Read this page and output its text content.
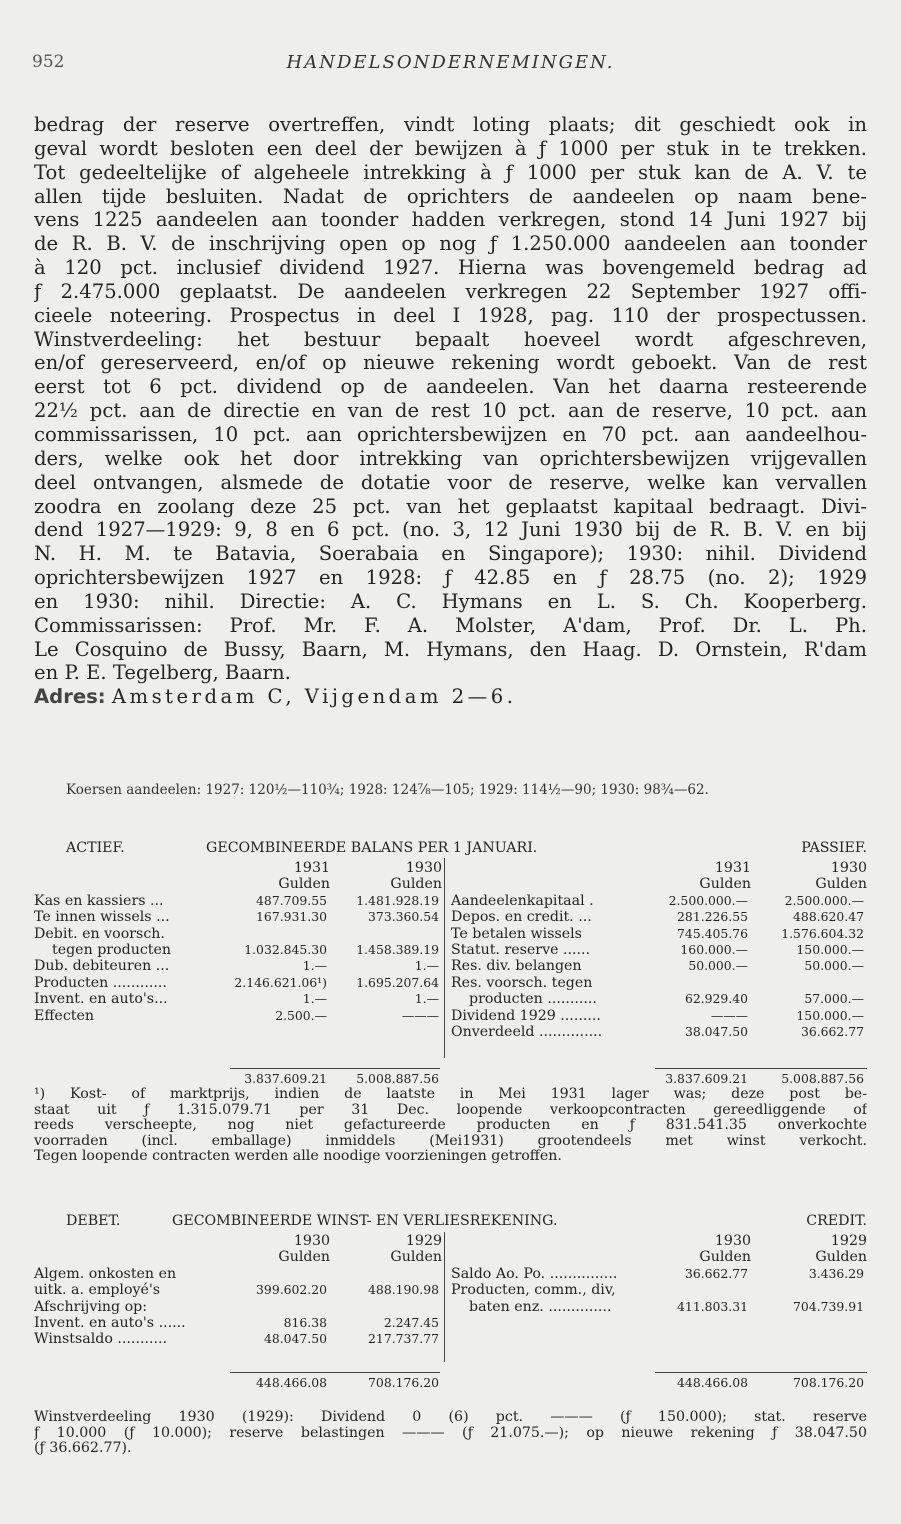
952	HANDELSONDERNEMINGEN.
bedrag der reserve overtreffen, vindt loting plaats; dit geschiedt ook in
geval wordt besloten een deel der bewijzen à ƒ 1000 per stuk in te trekken.
Tot gedeeltelijke of algeheele intrekking à ƒ 1000 per stuk kan de A. V. te
allen tijde besluiten. Nadat de oprichters de aandeelen op naam bene-
vens 1225 aandeelen aan toonder hadden verkregen, stond 14 Juni 1927 bij
de R. B. V. de inschrijving open op nog ƒ 1.250.000 aandeelen aan toonder
à 120 pct. inclusief dividend 1927. Hierna was bovengemeld bedrag ad
ƒ 2.475.000 geplaatst. De aandeelen verkregen 22 September 1927 offi-
cieele noteering. Prospectus in deel I 1928, pag. 110 der prospectussen.
Winstverdeeling: het bestuur bepaalt hoeveel wordt afgeschreven,
en/of gereserveerd, en/of op nieuwe rekening wordt geboekt. Van de rest
eerst tot 6 pct. dividend op de aandeelen. Van het daarna resteerende
22½ pct. aan de directie en van de rest 10 pct. aan de reserve, 10 pct. aan
commissarissen, 10 pct. aan oprichtersbewijzen en 70 pct. aan aandeelhou-
ders, welke ook het door intrekking van oprichtersbewijzen vrijgevallen
deel ontvangen, alsmede de dotatie voor de reserve, welke kan vervallen
zoodra en zoolang deze 25 pct. van het geplaatst kapitaal bedraagt. Divi-
dend 1927—1929: 9, 8 en 6 pct. (no. 3, 12 Juni 1930 bij de R. B. V. en bij
N. H. M. te Batavia, Soerabaia en Singapore); 1930: nihil. Dividend
oprichtersbewijzen 1927 en 1928: ƒ 42.85 en ƒ 28.75 (no. 2); 1929
en 1930: nihil. Directie: A. C. Hymans en L. S. Ch. Kooperberg.
Commissarissen: Prof. Mr. F. A. Molster, A'dam, Prof. Dr. L. Ph.
Le Cosquino de Bussy, Baarn, M. Hymans, den Haag. D. Ornstein, R'dam
en P. E. Tegelberg, Baarn.
Adres: Amsterdam C, Vijgendam 2—6.
Koersen aandeelen: 1927: 120½—110¾; 1928: 124⅞—105; 1929: 114½—90; 1930: 98¾—62.
ACTIEF.	GECOMBINEERDE BALANS PER 1 JANUARI.	PASSIEF.
	1931	1930
	Gulden	Gulden
Kas en kassiers ...	487.709.55	1.481.928.19
Te innen wissels ...	167.931.30	373.360.54
Debit. en voorsch.		
tegen producten	1.032.845.30	1.458.389.19
Dub. debiteuren ...	1.—	1.—
Producten ............	2.146.621.06¹)	1.695.207.64
Invent. en auto's...	1.—	1.—
Effecten	2.500.—	———
	1931	1930
	Gulden	Gulden
Aandeelenkapitaal .	2.500.000.—	2.500.000.—
Depos. en credit. ...	281.226.55	488.620.47
Te betalen wissels	745.405.76	1.576.604.32
Statut. reserve ......	160.000.—	150.000.—
Res. div. belangen	50.000.—	50.000.—
Res. voorsch. tegen		
producten ...........	62.929.40	57.000.—
Dividend 1929 .........	———	150.000.—
Onverdeeld ..............	38.047.50	36.662.77
	3.837.609.21	5.008.887.56
		3.837.609.21	5.008.887.56
¹) Kost- of marktprijs, indien de laatste in Mei 1931 lager was; deze post be-
staat uit ƒ 1.315.079.71 per 31 Dec. loopende verkoopcontracten gereedliggende of
reeds verscheepte, nog niet gefactureerde producten en ƒ 831.541.35 onverkochte
voorraden (incl. emballage) inmiddels (Mei1931) grootendeels met winst verkocht.
Tegen loopende contracten werden alle noodige voorzieningen getroffen.
DEBET.	GECOMBINEERDE WINST- EN VERLIESREKENING.	CREDIT.
	1930	1929
	Gulden	Gulden
Algem. onkosten en		
uitk. a. employé's	399.602.20	488.190.98
Afschrijving op:		
Invent. en auto's ......	816.38	2.247.45
Winstsaldo ...........	48.047.50	217.737.77
	1930	1929
	Gulden	Gulden
Saldo Ao. Po. ...............	36.662.77	3.436.29
Producten, comm., div,		
baten enz. ..............	411.803.31	704.739.91
	448.466.08	708.176.20
		448.466.08	708.176.20
Winstverdeeling 1930 (1929): Dividend 0 (6) pct. ——— (ƒ 150.000); stat. reserve
ƒ 10.000 (ƒ 10.000); reserve belastingen ——— (ƒ 21.075.—); op nieuwe rekening ƒ 38.047.50
(ƒ 36.662.77).
